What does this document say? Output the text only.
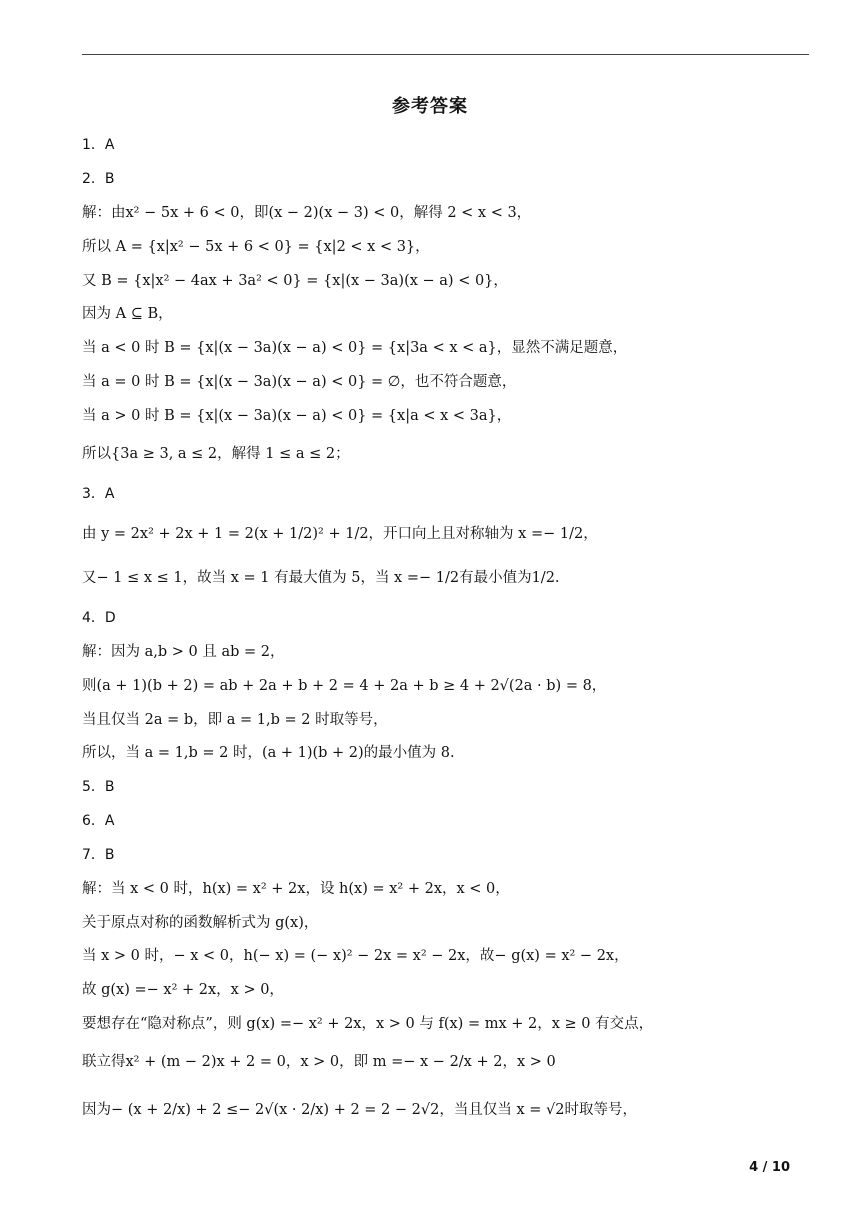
参考答案
1．A
2．B
解：由x² − 5x + 6 < 0，即(x − 2)(x − 3) < 0，解得 2 < x < 3，
所以 A = {x|x² − 5x + 6 < 0} = {x|2 < x < 3}，
又 B = {x|x² − 4ax + 3a² < 0} = {x|(x − 3a)(x − a) < 0}，
因为 A ⊆ B，
当 a < 0 时 B = {x|(x − 3a)(x − a) < 0} = {x|3a < x < a}，显然不满足题意，
当 a = 0 时 B = {x|(x − 3a)(x − a) < 0} = ∅，也不符合题意，
当 a > 0 时 B = {x|(x − 3a)(x − a) < 0} = {x|a < x < 3a}，
所以{3a ≥ 3, a ≤ 2，解得 1 ≤ a ≤ 2；
3．A
由 y = 2x² + 2x + 1 = 2(x + 1/2)² + 1/2，开口向上且对称轴为 x =− 1/2，
又− 1 ≤ x ≤ 1，故当 x = 1 有最大值为 5，当 x =− 1/2有最小值为1/2.
4．D
解：因为 a,b > 0 且 ab = 2，
则(a + 1)(b + 2) = ab + 2a + b + 2 = 4 + 2a + b ≥ 4 + 2√(2a · b) = 8，
当且仅当 2a = b，即 a = 1,b = 2 时取等号，
所以，当 a = 1,b = 2 时，(a + 1)(b + 2)的最小值为 8.
5．B
6．A
7．B
解：当 x < 0 时，h(x) = x² + 2x，设 h(x) = x² + 2x，x < 0，
关于原点对称的函数解析式为 g(x)，
当 x > 0 时，− x < 0，h(− x) = (− x)² − 2x = x² − 2x，故− g(x) = x² − 2x，
故 g(x) =− x² + 2x，x > 0，
要想存在“隐对称点”，则 g(x) =− x² + 2x，x > 0 与 f(x) = mx + 2，x ≥ 0 有交点，
联立得x² + (m − 2)x + 2 = 0，x > 0，即 m =− x − 2/x + 2，x > 0
因为− (x + 2/x) + 2 ≤− 2√(x · 2/x) + 2 = 2 − 2√2，当且仅当 x = √2时取等号，
4 / 10
